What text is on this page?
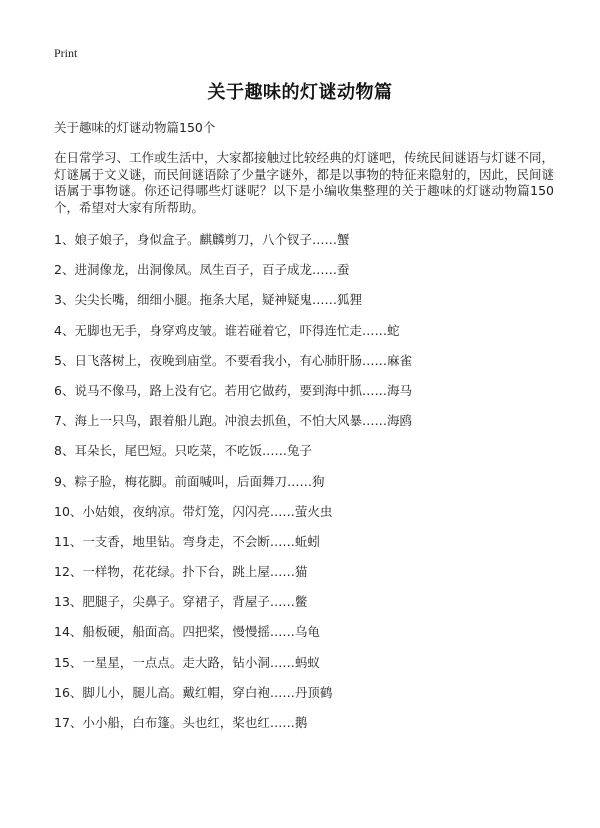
Print
关于趣味的灯谜动物篇
关于趣味的灯谜动物篇150个
在日常学习、工作或生活中，大家都接触过比较经典的灯谜吧，传统民间谜语与灯谜不同，灯谜属于文义谜，而民间谜语除了少量字谜外，都是以事物的特征来隐射的，因此，民间谜语属于事物谜。你还记得哪些灯谜呢？以下是小编收集整理的关于趣味的灯谜动物篇150个，希望对大家有所帮助。
1、娘子娘子，身似盒子。麒麟剪刀，八个钗子……蟹
2、进洞像龙，出洞像凤。凤生百子，百子成龙……蚕
3、尖尖长嘴，细细小腿。拖条大尾，疑神疑鬼……狐狸
4、无脚也无手，身穿鸡皮皱。谁若碰着它，吓得连忙走……蛇
5、日飞落树上，夜晚到庙堂。不要看我小，有心肺肝肠……麻雀
6、说马不像马，路上没有它。若用它做药，要到海中抓……海马
7、海上一只鸟，跟着船儿跑。冲浪去抓鱼，不怕大风暴……海鸥
8、耳朵长，尾巴短。只吃菜，不吃饭……兔子
9、粽子脸，梅花脚。前面喊叫，后面舞刀……狗
10、小姑娘，夜纳凉。带灯笼，闪闪亮……萤火虫
11、一支香，地里钻。弯身走，不会断……蚯蚓
12、一样物，花花绿。扑下台，跳上屋……猫
13、肥腿子，尖鼻子。穿裙子，背屋子……鳖
14、船板硬，船面高。四把桨，慢慢摇……乌龟
15、一星星，一点点。走大路，钻小洞……蚂蚁
16、脚儿小，腿儿高。戴红帽，穿白袍……丹顶鹤
17、小小船，白布篷。头也红，桨也红……鹅
